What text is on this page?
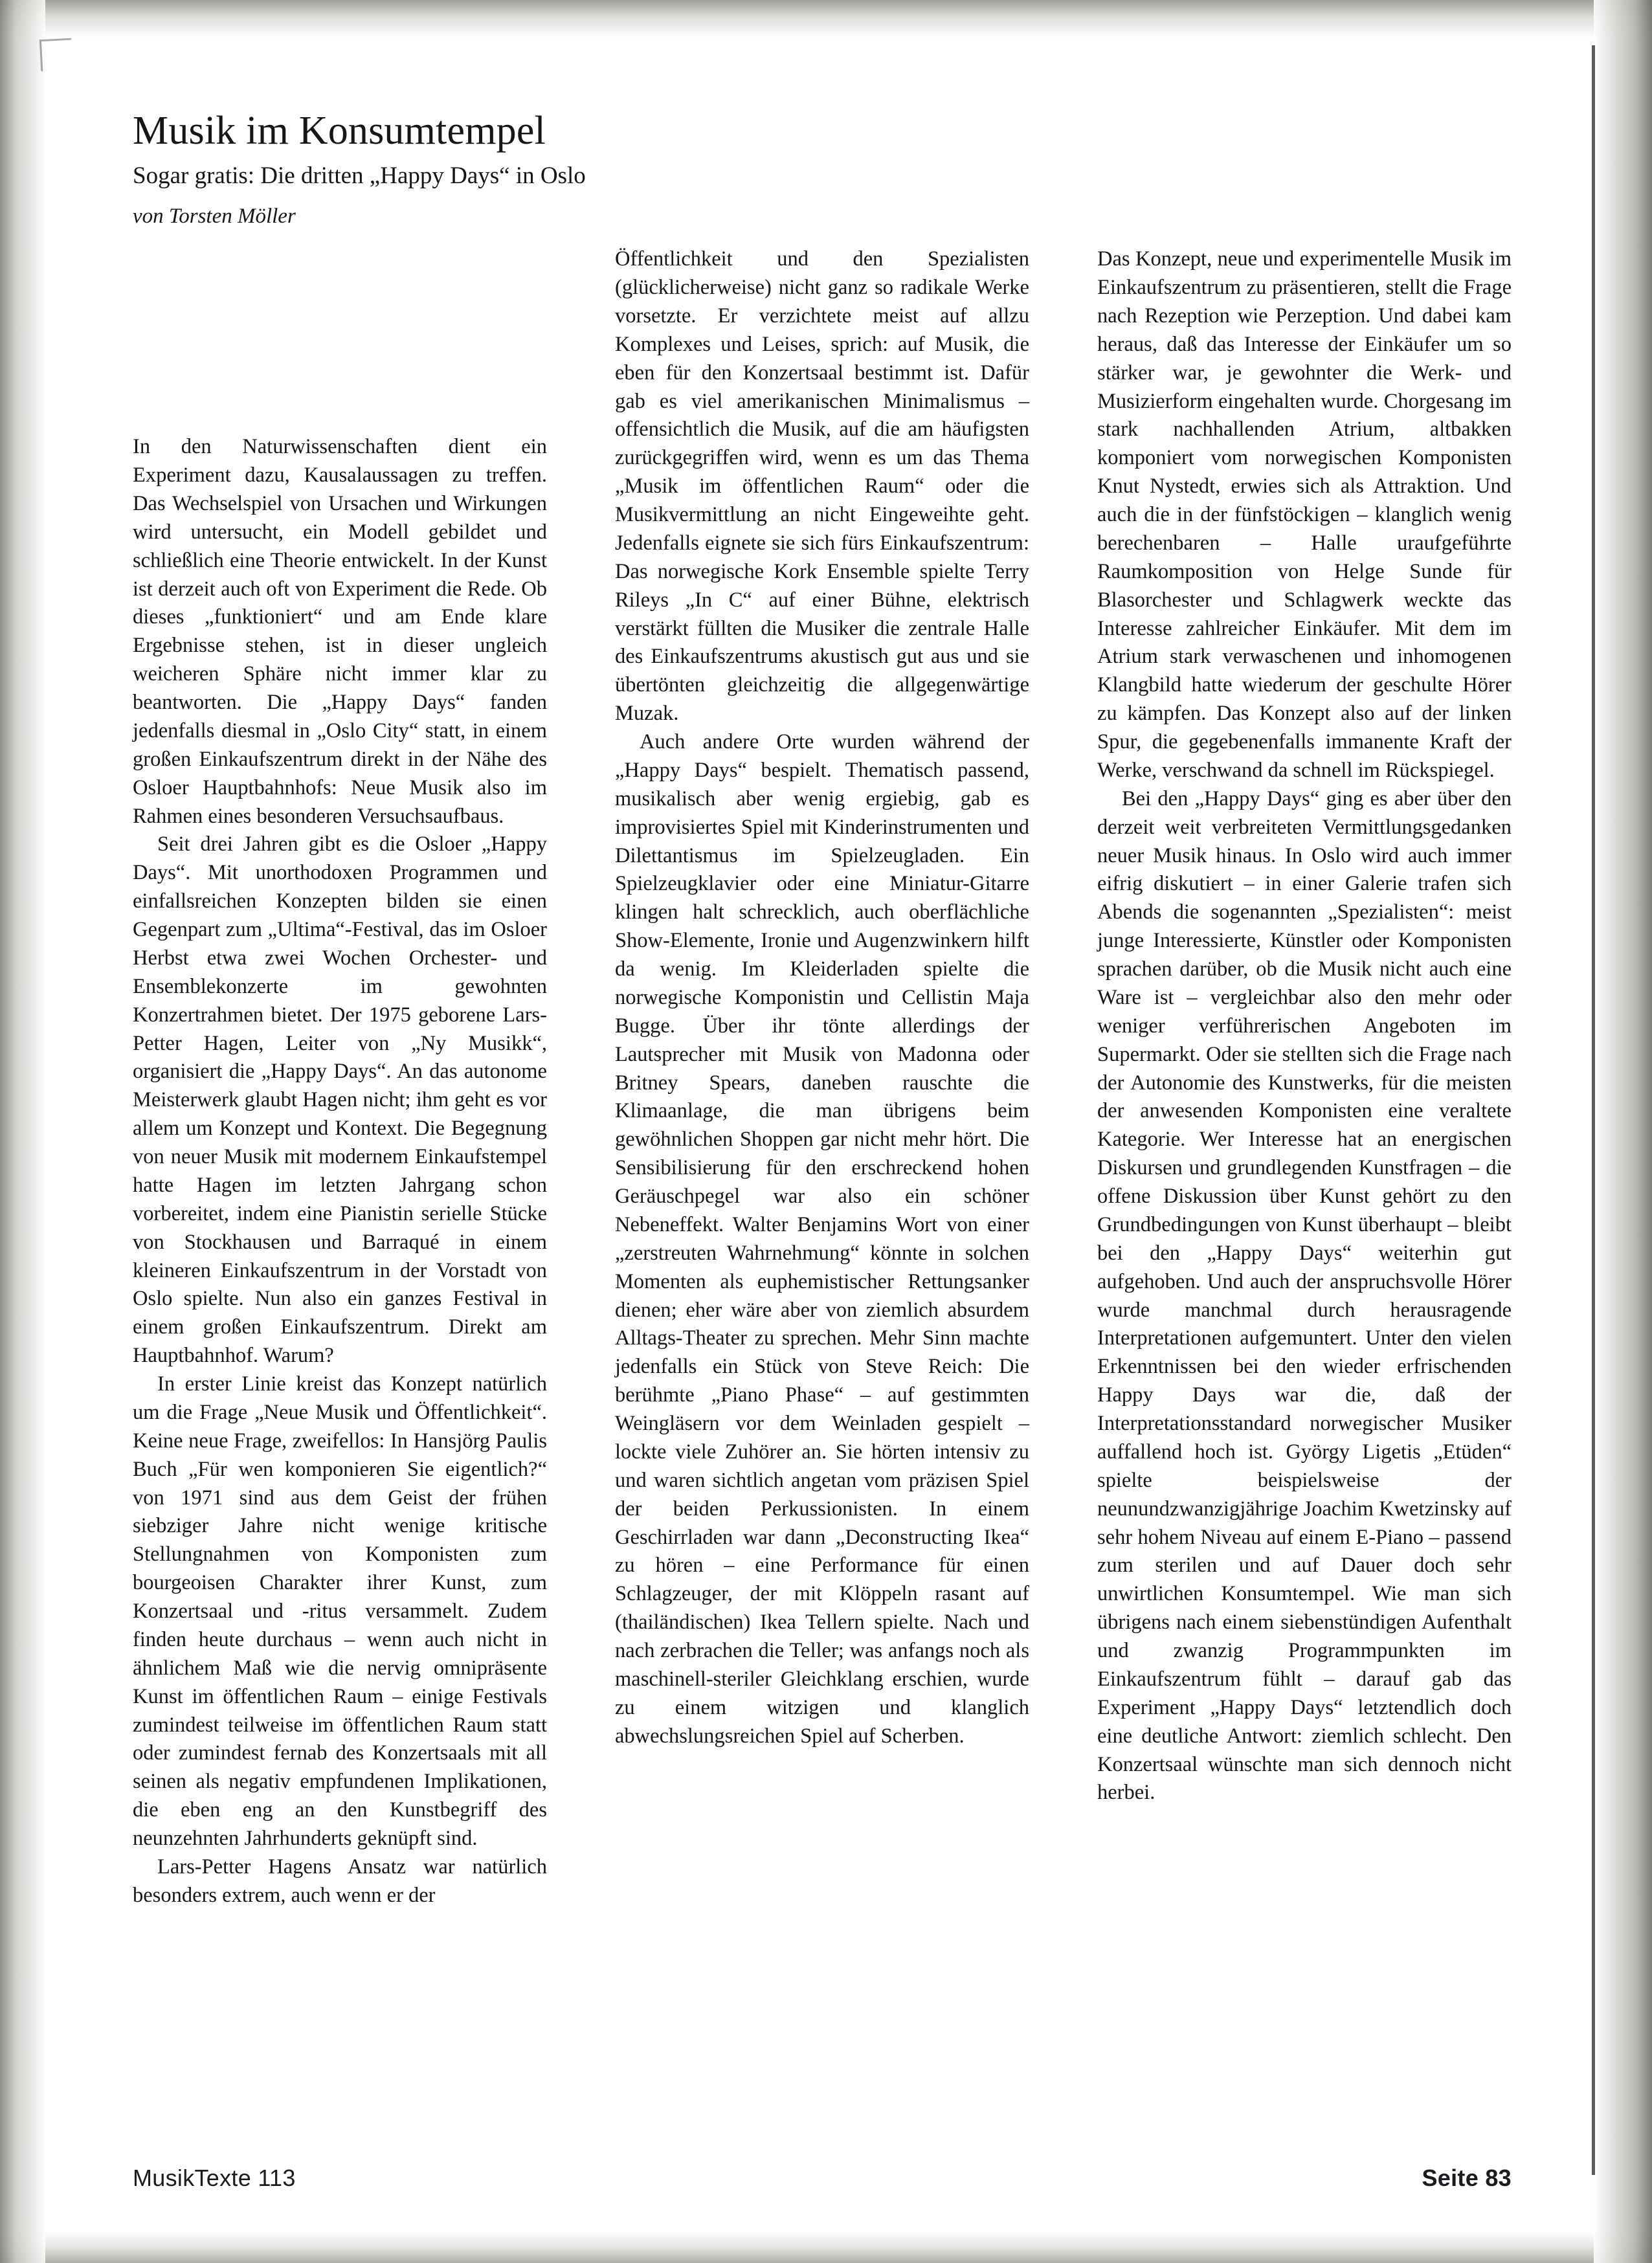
Musik im Konsumtempel
Sogar gratis: Die dritten „Happy Days“ in Oslo
von Torsten Möller

In den Naturwissenschaften dient ein Experiment dazu, Kausalaussagen zu treffen. Das Wechselspiel von Ursachen und Wirkungen wird untersucht, ein Modell gebildet und schließlich eine Theorie entwickelt. In der Kunst ist derzeit auch oft von Experiment die Rede. Ob dieses „funktioniert“ und am Ende klare Ergebnisse stehen, ist in dieser ungleich weicheren Sphäre nicht immer klar zu beantworten. Die „Happy Days“ fanden jedenfalls diesmal in „Oslo City“ statt, in einem großen Einkaufszentrum direkt in der Nähe des Osloer Hauptbahnhofs: Neue Musik also im Rahmen eines besonderen Versuchsaufbaus.

Seit drei Jahren gibt es die Osloer „Happy Days“. Mit unorthodoxen Programmen und einfallsreichen Konzepten bilden sie einen Gegenpart zum „Ultima“-Festival, das im Osloer Herbst etwa zwei Wochen Orchester- und Ensemblekonzerte im gewohnten Konzertrahmen bietet. Der 1975 geborene Lars-Petter Hagen, Leiter von „Ny Musikk“, organisiert die „Happy Days“. An das autonome Meisterwerk glaubt Hagen nicht; ihm geht es vor allem um Konzept und Kontext. Die Begegnung von neuer Musik mit modernem Einkaufstempel hatte Hagen im letzten Jahrgang schon vorbereitet, indem eine Pianistin serielle Stücke von Stockhausen und Barraqué in einem kleineren Einkaufszentrum in der Vorstadt von Oslo spielte. Nun also ein ganzes Festival in einem großen Einkaufszentrum. Direkt am Hauptbahnhof. Warum?

In erster Linie kreist das Konzept natürlich um die Frage „Neue Musik und Öffentlichkeit“. Keine neue Frage, zweifellos: In Hansjörg Paulis Buch „Für wen komponieren Sie eigentlich?“ von 1971 sind aus dem Geist der frühen siebziger Jahre nicht wenige kritische Stellungnahmen von Komponisten zum bourgeoisen Charakter ihrer Kunst, zum Konzertsaal und -ritus versammelt. Zudem finden heute durchaus – wenn auch nicht in ähnlichem Maß wie die nervig omnipräsente Kunst im öffentlichen Raum – einige Festivals zumindest teilweise im öffentlichen Raum statt oder zumindest fernab des Konzertsaals mit all seinen als negativ empfundenen Implikationen, die eben eng an den Kunstbegriff des neunzehnten Jahrhunderts geknüpft sind.

Lars-Petter Hagens Ansatz war natürlich besonders extrem, auch wenn er der

Öffentlichkeit und den Spezialisten (glücklicherweise) nicht ganz so radikale Werke vorsetzte. Er verzichtete meist auf allzu Komplexes und Leises, sprich: auf Musik, die eben für den Konzertsaal bestimmt ist. Dafür gab es viel amerikanischen Minimalismus – offensichtlich die Musik, auf die am häufigsten zurückgegriffen wird, wenn es um das Thema „Musik im öffentlichen Raum“ oder die Musikvermittlung an nicht Eingeweihte geht. Jedenfalls eignete sie sich fürs Einkaufszentrum: Das norwegische Kork Ensemble spielte Terry Rileys „In C“ auf einer Bühne, elektrisch verstärkt füllten die Musiker die zentrale Halle des Einkaufszentrums akustisch gut aus und sie übertönten gleichzeitig die allgegenwärtige Muzak.

Auch andere Orte wurden während der „Happy Days“ bespielt. Thematisch passend, musikalisch aber wenig ergiebig, gab es improvisiertes Spiel mit Kinderinstrumenten und Dilettantismus im Spielzeugladen. Ein Spielzeugklavier oder eine Miniatur-Gitarre klingen halt schrecklich, auch oberflächliche Show-Elemente, Ironie und Augenzwinkern hilft da wenig. Im Kleiderladen spielte die norwegische Komponistin und Cellistin Maja Bugge. Über ihr tönte allerdings der Lautsprecher mit Musik von Madonna oder Britney Spears, daneben rauschte die Klimaanlage, die man übrigens beim gewöhnlichen Shoppen gar nicht mehr hört. Die Sensibilisierung für den erschreckend hohen Geräuschpegel war also ein schöner Nebeneffekt. Walter Benjamins Wort von einer „zerstreuten Wahrnehmung“ könnte in solchen Momenten als euphemistischer Rettungsanker dienen; eher wäre aber von ziemlich absurdem Alltags-Theater zu sprechen. Mehr Sinn machte jedenfalls ein Stück von Steve Reich: Die berühmte „Piano Phase“ – auf gestimmten Weingläsern vor dem Weinladen gespielt – lockte viele Zuhörer an. Sie hörten intensiv zu und waren sichtlich angetan vom präzisen Spiel der beiden Perkussionisten. In einem Geschirrladen war dann „Deconstructing Ikea“ zu hören – eine Performance für einen Schlagzeuger, der mit Klöppeln rasant auf (thailändischen) Ikea Tellern spielte. Nach und nach zerbrachen die Teller; was anfangs noch als maschinell-steriler Gleichklang erschien, wurde zu einem witzigen und klanglich abwechslungsreichen Spiel auf Scherben.

Das Konzept, neue und experimentelle Musik im Einkaufszentrum zu präsentieren, stellt die Frage nach Rezeption wie Perzeption. Und dabei kam heraus, daß das Interesse der Einkäufer um so stärker war, je gewohnter die Werk- und Musizierform eingehalten wurde. Chorgesang im stark nachhallenden Atrium, altbakken komponiert vom norwegischen Komponisten Knut Nystedt, erwies sich als Attraktion. Und auch die in der fünfstöckigen – klanglich wenig berechenbaren – Halle uraufgeführte Raumkomposition von Helge Sunde für Blasorchester und Schlagwerk weckte das Interesse zahlreicher Einkäufer. Mit dem im Atrium stark verwaschenen und inhomogenen Klangbild hatte wiederum der geschulte Hörer zu kämpfen. Das Konzept also auf der linken Spur, die gegebenenfalls immanente Kraft der Werke, verschwand da schnell im Rückspiegel.

Bei den „Happy Days“ ging es aber über den derzeit weit verbreiteten Vermittlungsgedanken neuer Musik hinaus. In Oslo wird auch immer eifrig diskutiert – in einer Galerie trafen sich Abends die sogenannten „Spezialisten“: meist junge Interessierte, Künstler oder Komponisten sprachen darüber, ob die Musik nicht auch eine Ware ist – vergleichbar also den mehr oder weniger verführerischen Angeboten im Supermarkt. Oder sie stellten sich die Frage nach der Autonomie des Kunstwerks, für die meisten der anwesenden Komponisten eine veraltete Kategorie. Wer Interesse hat an energischen Diskursen und grundlegenden Kunstfragen – die offene Diskussion über Kunst gehört zu den Grundbedingungen von Kunst überhaupt – bleibt bei den „Happy Days“ weiterhin gut aufgehoben. Und auch der anspruchsvolle Hörer wurde manchmal durch herausragende Interpretationen aufgemuntert. Unter den vielen Erkenntnissen bei den wieder erfrischenden Happy Days war die, daß der Interpretationsstandard norwegischer Musiker auffallend hoch ist. György Ligetis „Etüden“ spielte beispielsweise der neunundzwanzigjährige Joachim Kwetzinsky auf sehr hohem Niveau auf einem E-Piano – passend zum sterilen und auf Dauer doch sehr unwirtlichen Konsumtempel. Wie man sich übrigens nach einem siebenstündigen Aufenthalt und zwanzig Programmpunkten im Einkaufszentrum fühlt – darauf gab das Experiment „Happy Days“ letztendlich doch eine deutliche Antwort: ziemlich schlecht. Den Konzertsaal wünschte man sich dennoch nicht herbei.

MusikTexte 113	Seite 83
